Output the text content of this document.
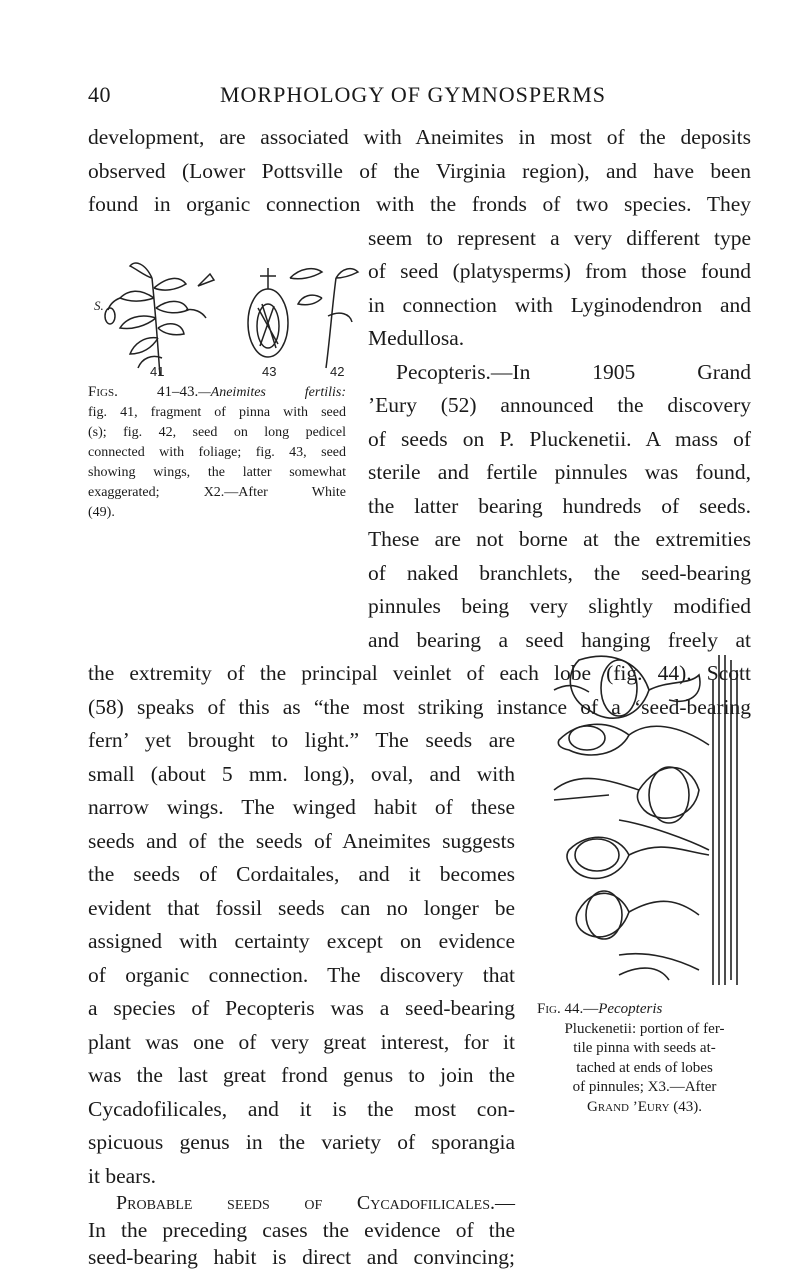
40	MORPHOLOGY OF GYMNOSPERMS
development, are associated with Aneimites in most of the deposits
observed (Lower Pottsville of the Virginia region), and have been
found in organic connection with the fronds of two species. They
seem to represent a very different type
of seed (platysperms) from those found
in connection with Lyginodendron and
Medullosa.
Pecopteris.—In 1905 Grand
’Eury (52) announced the discovery
of seeds on P. Pluckenetii. A mass of
sterile and fertile pinnules was found,
the latter bearing hundreds of seeds.
These are not borne at the extremities
of naked branchlets, the seed-bearing
pinnules being very slightly modified
and bearing a seed hanging freely at
the extremity of the principal veinlet of each lobe (fig. 44). Scott
(58) speaks of this as “the most striking instance of a ‘seed-bearing
fern’ yet brought to light.” The seeds are
small (about 5 mm. long), oval, and with
narrow wings. The winged habit of these
seeds and of the seeds of Aneimites suggests
the seeds of Cordaitales, and it becomes
evident that fossil seeds can no longer be
assigned with certainty except on evidence
of organic connection. The discovery that
a species of Pecopteris was a seed-bearing
plant was one of very great interest, for it
was the last great frond genus to join the
Cycadofilicales, and it is the most con-
spicuous genus in the variety of sporangia
it bears.
Probable seeds of Cycadofilicales.—
In the preceding cases the evidence of the
seed-bearing habit is direct and convincing;
S.
41	43	42
Figs. 41–43.—Aneimites fertilis:
fig. 41, fragment of pinna with seed
(s); fig. 42, seed on long pedicel
connected with foliage; fig. 43, seed
showing wings, the latter somewhat
exaggerated; X2.—After White
(49).
Fig. 44.—Pecopteris
Pluckenetii: portion of fer-
tile pinna with seeds at-
tached at ends of lobes
of pinnules; X3.—After
Grand ’Eury (43).
